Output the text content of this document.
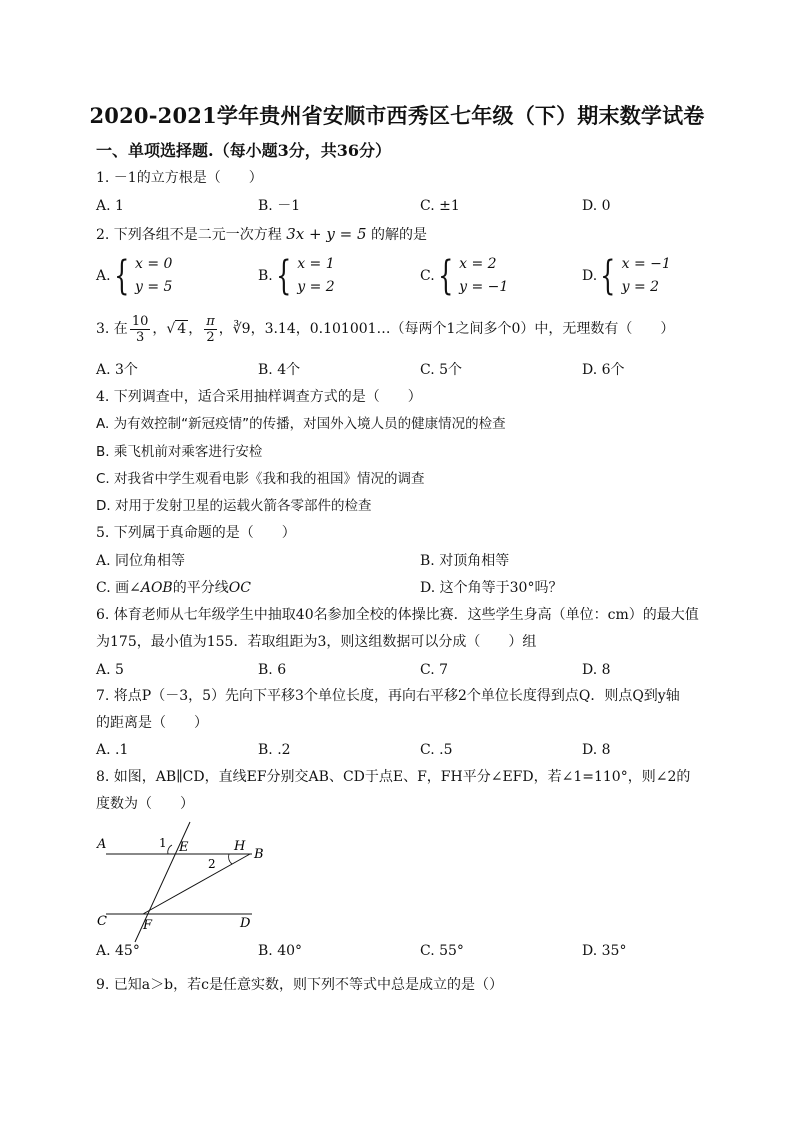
2020-2021学年贵州省安顺市西秀区七年级（下）期末数学试卷
一、单项选择题.（每小题3分，共36分）
1. －1的立方根是（　　）
A. 1	B. －1	C. ±1	D. 0
2. 下列各组不是二元一次方程 3x + y = 5 的解的是
A. { x = 0
y = 5
B. { x = 1
y = 2
C. { x = 2
y = −1
D. { x = −1
y = 2
3. 在 $\frac{10}{3}$ ，√ 4 ， $\frac{\pi}{2}$ ，∛9，3.14，0.101001…（每两个1之间多个0）中，无理数有（　　）
A. 3个	B. 4个	C. 5个	D. 6个
4. 下列调查中，适合采用抽样调查方式的是（　　）
A. 为有效控制“新冠疫情”的传播，对国外入境人员的健康情况的检查
B. 乘飞机前对乘客进行安检
C. 对我省中学生观看电影《我和我的祖国》情况的调查
D. 对用于发射卫星的运载火箭各零部件的检查
5. 下列属于真命题的是（　　）
A. 同位角相等	B. 对顶角相等
C. 画∠AOB的平分线OC	D. 这个角等于30°吗？
6. 体育老师从七年级学生中抽取40名参加全校的体操比赛．这些学生身高（单位：cm）的最大值
为175，最小值为155．若取组距为3，则这组数据可以分成（　　）组
A. 5	B. 6	C. 7	D. 8
7. 将点P（－3，5）先向下平移3个单位长度，再向右平移2个单位长度得到点Q．则点Q到y轴
的距离是（　　）
A. .1	B. .2	C. .5	D. 8
8. 如图，AB∥CD，直线EF分别交AB、CD于点E、F，FH平分∠EFD，若∠1=110°，则∠2的
度数为（　　）
A
B
C	D
E
F
H
1
2
A. 45°	B. 40°	C. 55°	D. 35°
9. 已知a＞b，若c是任意实数，则下列不等式中总是成立的是（）
